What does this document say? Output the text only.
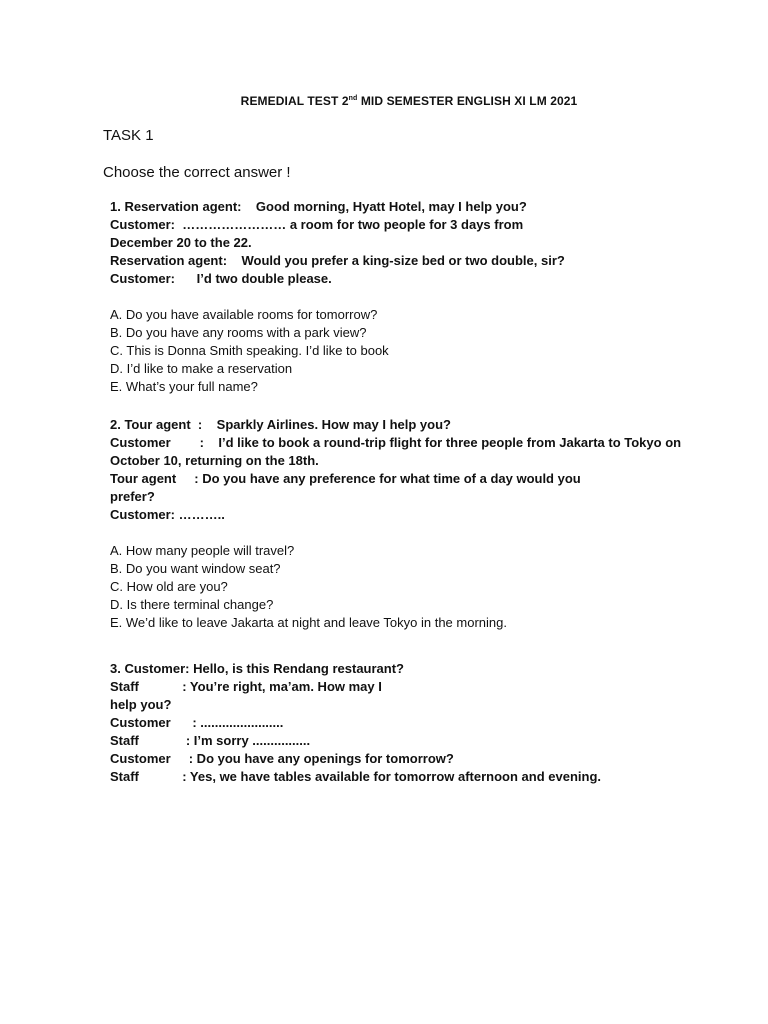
REMEDIAL TEST 2nd MID SEMESTER ENGLISH XI LM 2021
TASK 1
Choose the correct answer !
1. Reservation agent:    Good morning, Hyatt Hotel, may I help you?
Customer:  …………………… a room for two people for 3 days from
December 20 to the 22.
Reservation agent:    Would you prefer a king-size bed or two double, sir?
Customer:      I’d two double please.
A. Do you have available rooms for tomorrow?
B. Do you have any rooms with a park view?
C. This is Donna Smith speaking. I’d like to book
D. I’d like to make a reservation
E. What’s your full name?
2. Tour agent  :    Sparkly Airlines. How may I help you?
Customer        :    I’d like to book a round-trip flight for three people from Jakarta to Tokyo on
October 10, returning on the 18th.
Tour agent     : Do you have any preference for what time of a day would you
prefer?
Customer: ………..
A. How many people will travel?
B. Do you want window seat?
C. How old are you?
D. Is there terminal change?
E. We’d like to leave Jakarta at night and leave Tokyo in the morning.
3. Customer: Hello, is this Rendang restaurant?
Staff            : You’re right, ma’am. How may I
help you?
Customer      : .......................
Staff             : I’m sorry ................
Customer     : Do you have any openings for tomorrow?
Staff            : Yes, we have tables available for tomorrow afternoon and evening.
